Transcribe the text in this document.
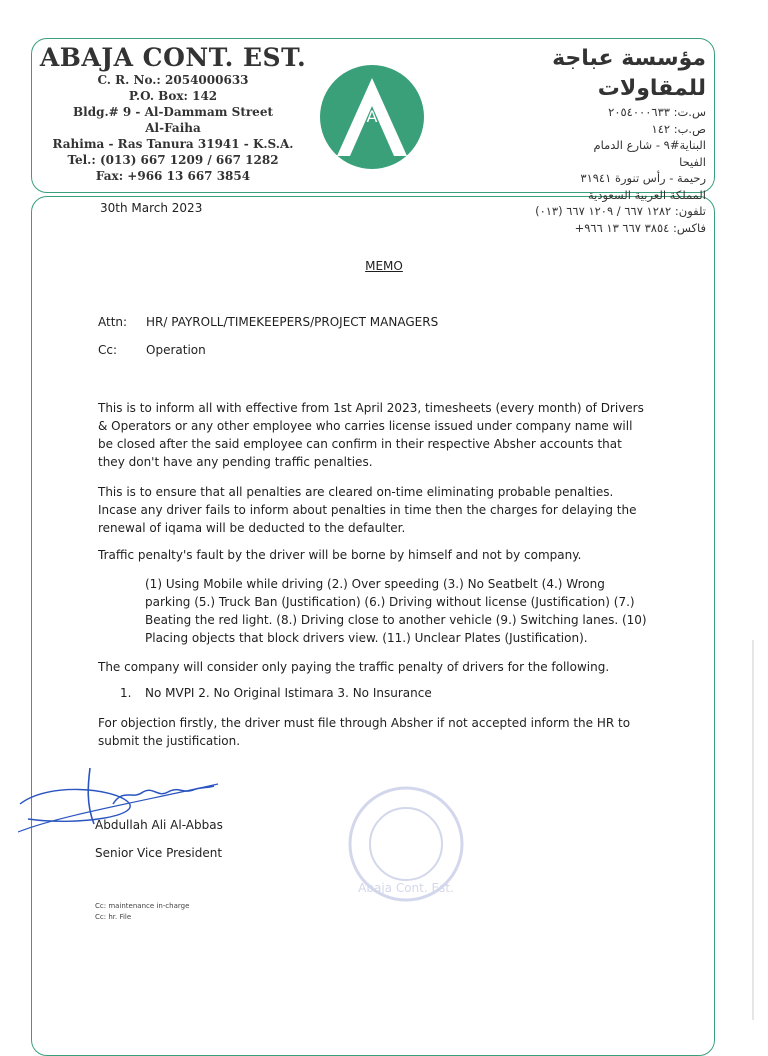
ABAJA CONT. EST.
C. R. No.: 2054000633
P.O. Box: 142
Bldg.# 9 - Al-Dammam Street
Al-Faiha
Rahima - Ras Tanura 31941 - K.S.A.
Tel.: (013) 667 1209 / 667 1282
Fax: +966 13 667 3854
A
A
مؤسسة عباجة للمقاولات
س.ت: ٢٠٥٤٠٠٠٦٣٣
ص.ب: ١٤٢
البناية#٩ - شارع الدمام
الفيحا
رحيمة - رأس تنورة ٣١٩٤١
المملكة العربية السعودية
تلفون: ١٢٨٢ ٦٦٧ / ١٢٠٩ ٦٦٧ (٠١٣)
فاكس: ٣٨٥٤ ٦٦٧ ١٣ ٩٦٦+
30th March 2023
MEMO
Attn: HR/ PAYROLL/TIMEKEEPERS/PROJECT MANAGERS
Cc: Operation
This is to inform all with effective from 1st April 2023, timesheets (every month) of Drivers & Operators or any other employee who carries license issued under company name will be closed after the said employee can confirm in their respective Absher accounts that they don't have any pending traffic penalties.
This is to ensure that all penalties are cleared on-time eliminating probable penalties. Incase any driver fails to inform about penalties in time then the charges for delaying the renewal of iqama will be deducted to the defaulter.
Traffic penalty's fault by the driver will be borne by himself and not by company.
(1) Using Mobile while driving (2.) Over speeding (3.) No Seatbelt (4.) Wrong parking (5.) Truck Ban (Justification) (6.) Driving without license (Justification) (7.) Beating the red light. (8.) Driving close to another vehicle (9.) Switching lanes. (10) Placing objects that block drivers view. (11.) Unclear Plates (Justification).
The company will consider only paying the traffic penalty of drivers for the following.
1. No MVPI 2. No Original Istimara 3. No Insurance
For objection firstly, the driver must file through Absher if not accepted inform the HR to submit the justification.
Abdullah Ali Al-Abbas
Senior Vice President
Abaja Cont. Est.
Cc: maintenance in-charge
Cc: hr. File
